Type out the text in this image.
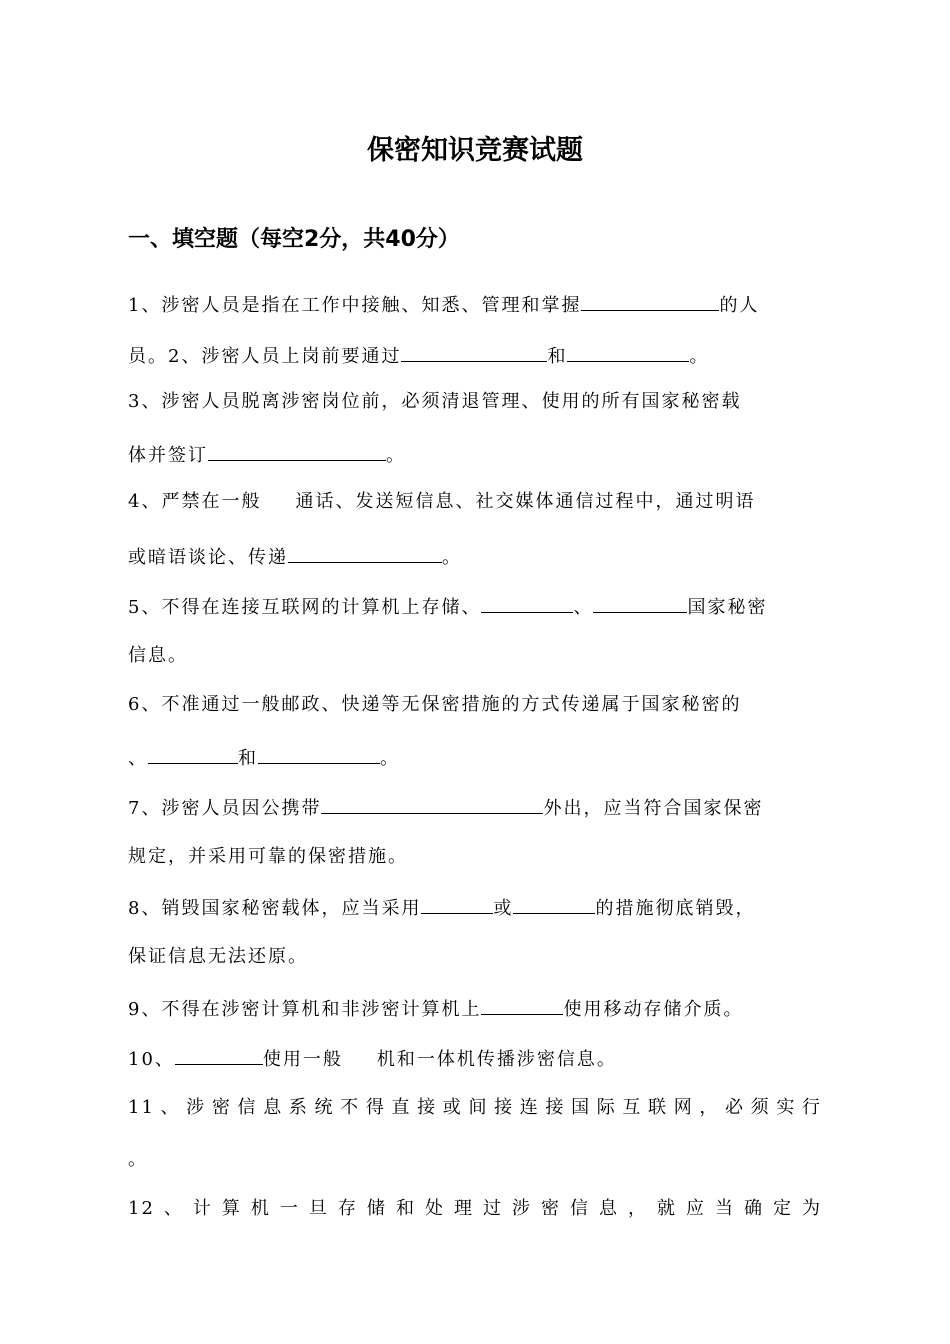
保密知识竞赛试题
一、填空题（每空2分，共40分）
1、涉密人员是指在工作中接触、知悉、管理和掌握	的人
员。2、涉密人员上岗前要通过	和	。
3、涉密人员脱离涉密岗位前，必须清退管理、使用的所有国家秘密载
体并签订	。
4、严禁在一般 通话、发送短信息、社交媒体通信过程中，通过明语
或暗语谈论、传递	。
5、不得在连接互联网的计算机上存储、	、	国家秘密
信息。
6、不准通过一般邮政、快递等无保密措施的方式传递属于国家秘密的
、	和	。
7、涉密人员因公携带	外出，应当符合国家保密
规定，并采用可靠的保密措施。
8、销毁国家秘密载体，应当采用	或	的措施彻底销毁，
保证信息无法还原。
9、不得在涉密计算机和非涉密计算机上	使用移动存储介质。
10、	使用一般 机和一体机传播涉密信息。
11、涉密信息系统不得直接或间接连接国际互联网，必须实行
。
12、计算机一旦存储和处理过涉密信息，就应当确定为
